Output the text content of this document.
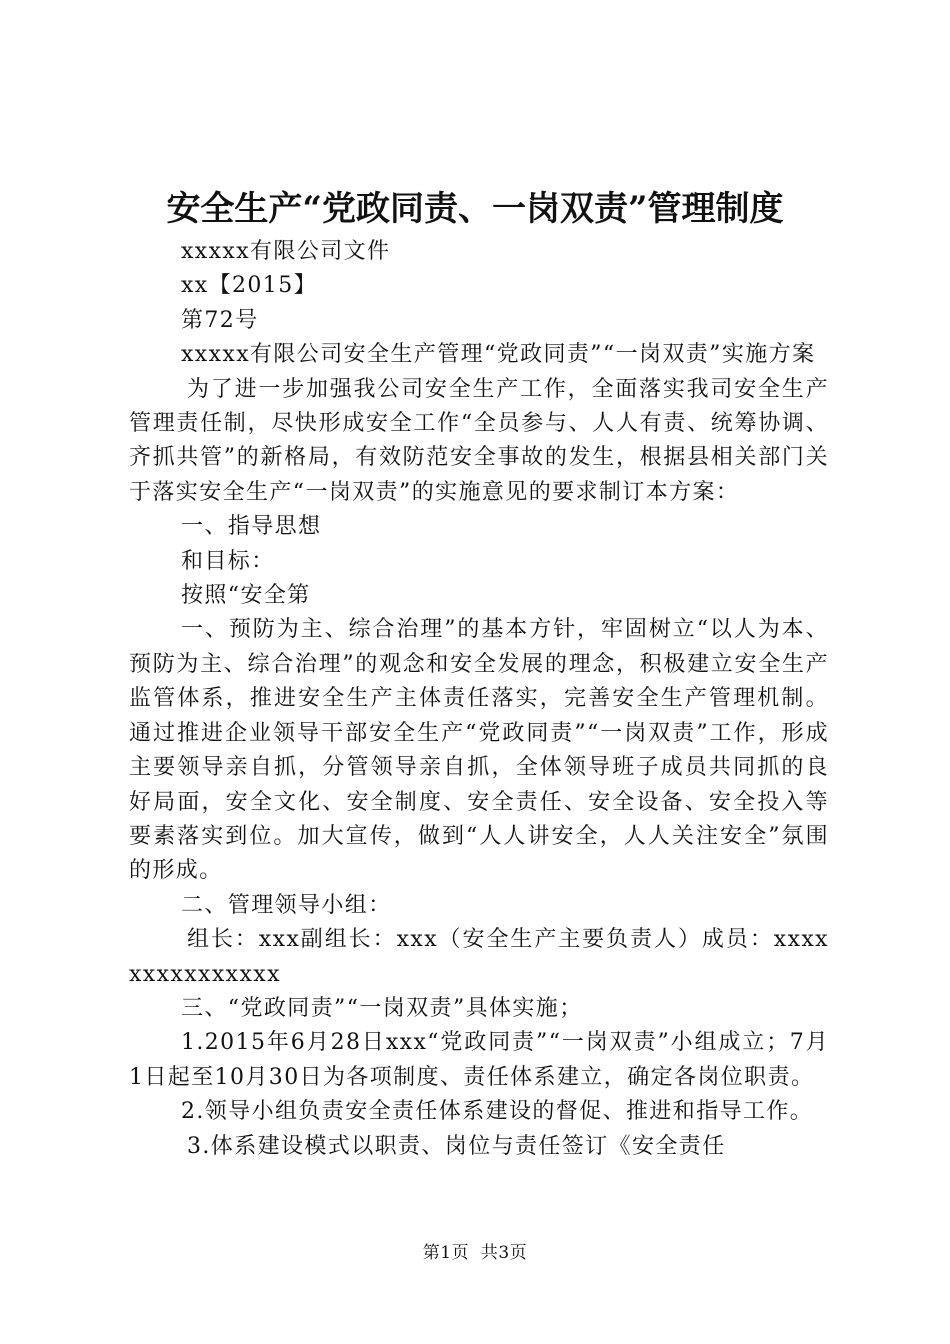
安全生产“党政同责、一岗双责”管理制度

xxxxx有限公司文件

xx【2015】

第72号

xxxxx有限公司安全生产管理“党政同责”“一岗双责”实施方案

为了进一步加强我公司安全生产工作，全面落实我司安全生产管理责任制，尽快形成安全工作“全员参与、人人有责、统筹协调、齐抓共管”的新格局，有效防范安全事故的发生，根据县相关部门关于落实安全生产“一岗双责”的实施意见的要求制订本方案：

一、指导思想

和目标：

按照“安全第

一、预防为主、综合治理”的基本方针，牢固树立“以人为本、预防为主、综合治理”的观念和安全发展的理念，积极建立安全生产监管体系，推进安全生产主体责任落实，完善安全生产管理机制。通过推进企业领导干部安全生产“党政同责”“一岗双责”工作，形成主要领导亲自抓，分管领导亲自抓，全体领导班子成员共同抓的良好局面，安全文化、安全制度、安全责任、安全设备、安全投入等要素落实到位。加大宣传，做到“人人讲安全，人人关注安全”氛围的形成。

二、管理领导小组：

组长：xxx副组长：xxx（安全生产主要负责人）成员：xxxxxxxxxxxxxxx

三、“党政同责”“一岗双责”具体实施；

1.2015年6月28日xxx“党政同责”“一岗双责”小组成立；7月1日起至10月30日为各项制度、责任体系建立，确定各岗位职责。

2.领导小组负责安全责任体系建设的督促、推进和指导工作。

3.体系建设模式以职责、岗位与责任签订《安全责任

第1页  共3页
